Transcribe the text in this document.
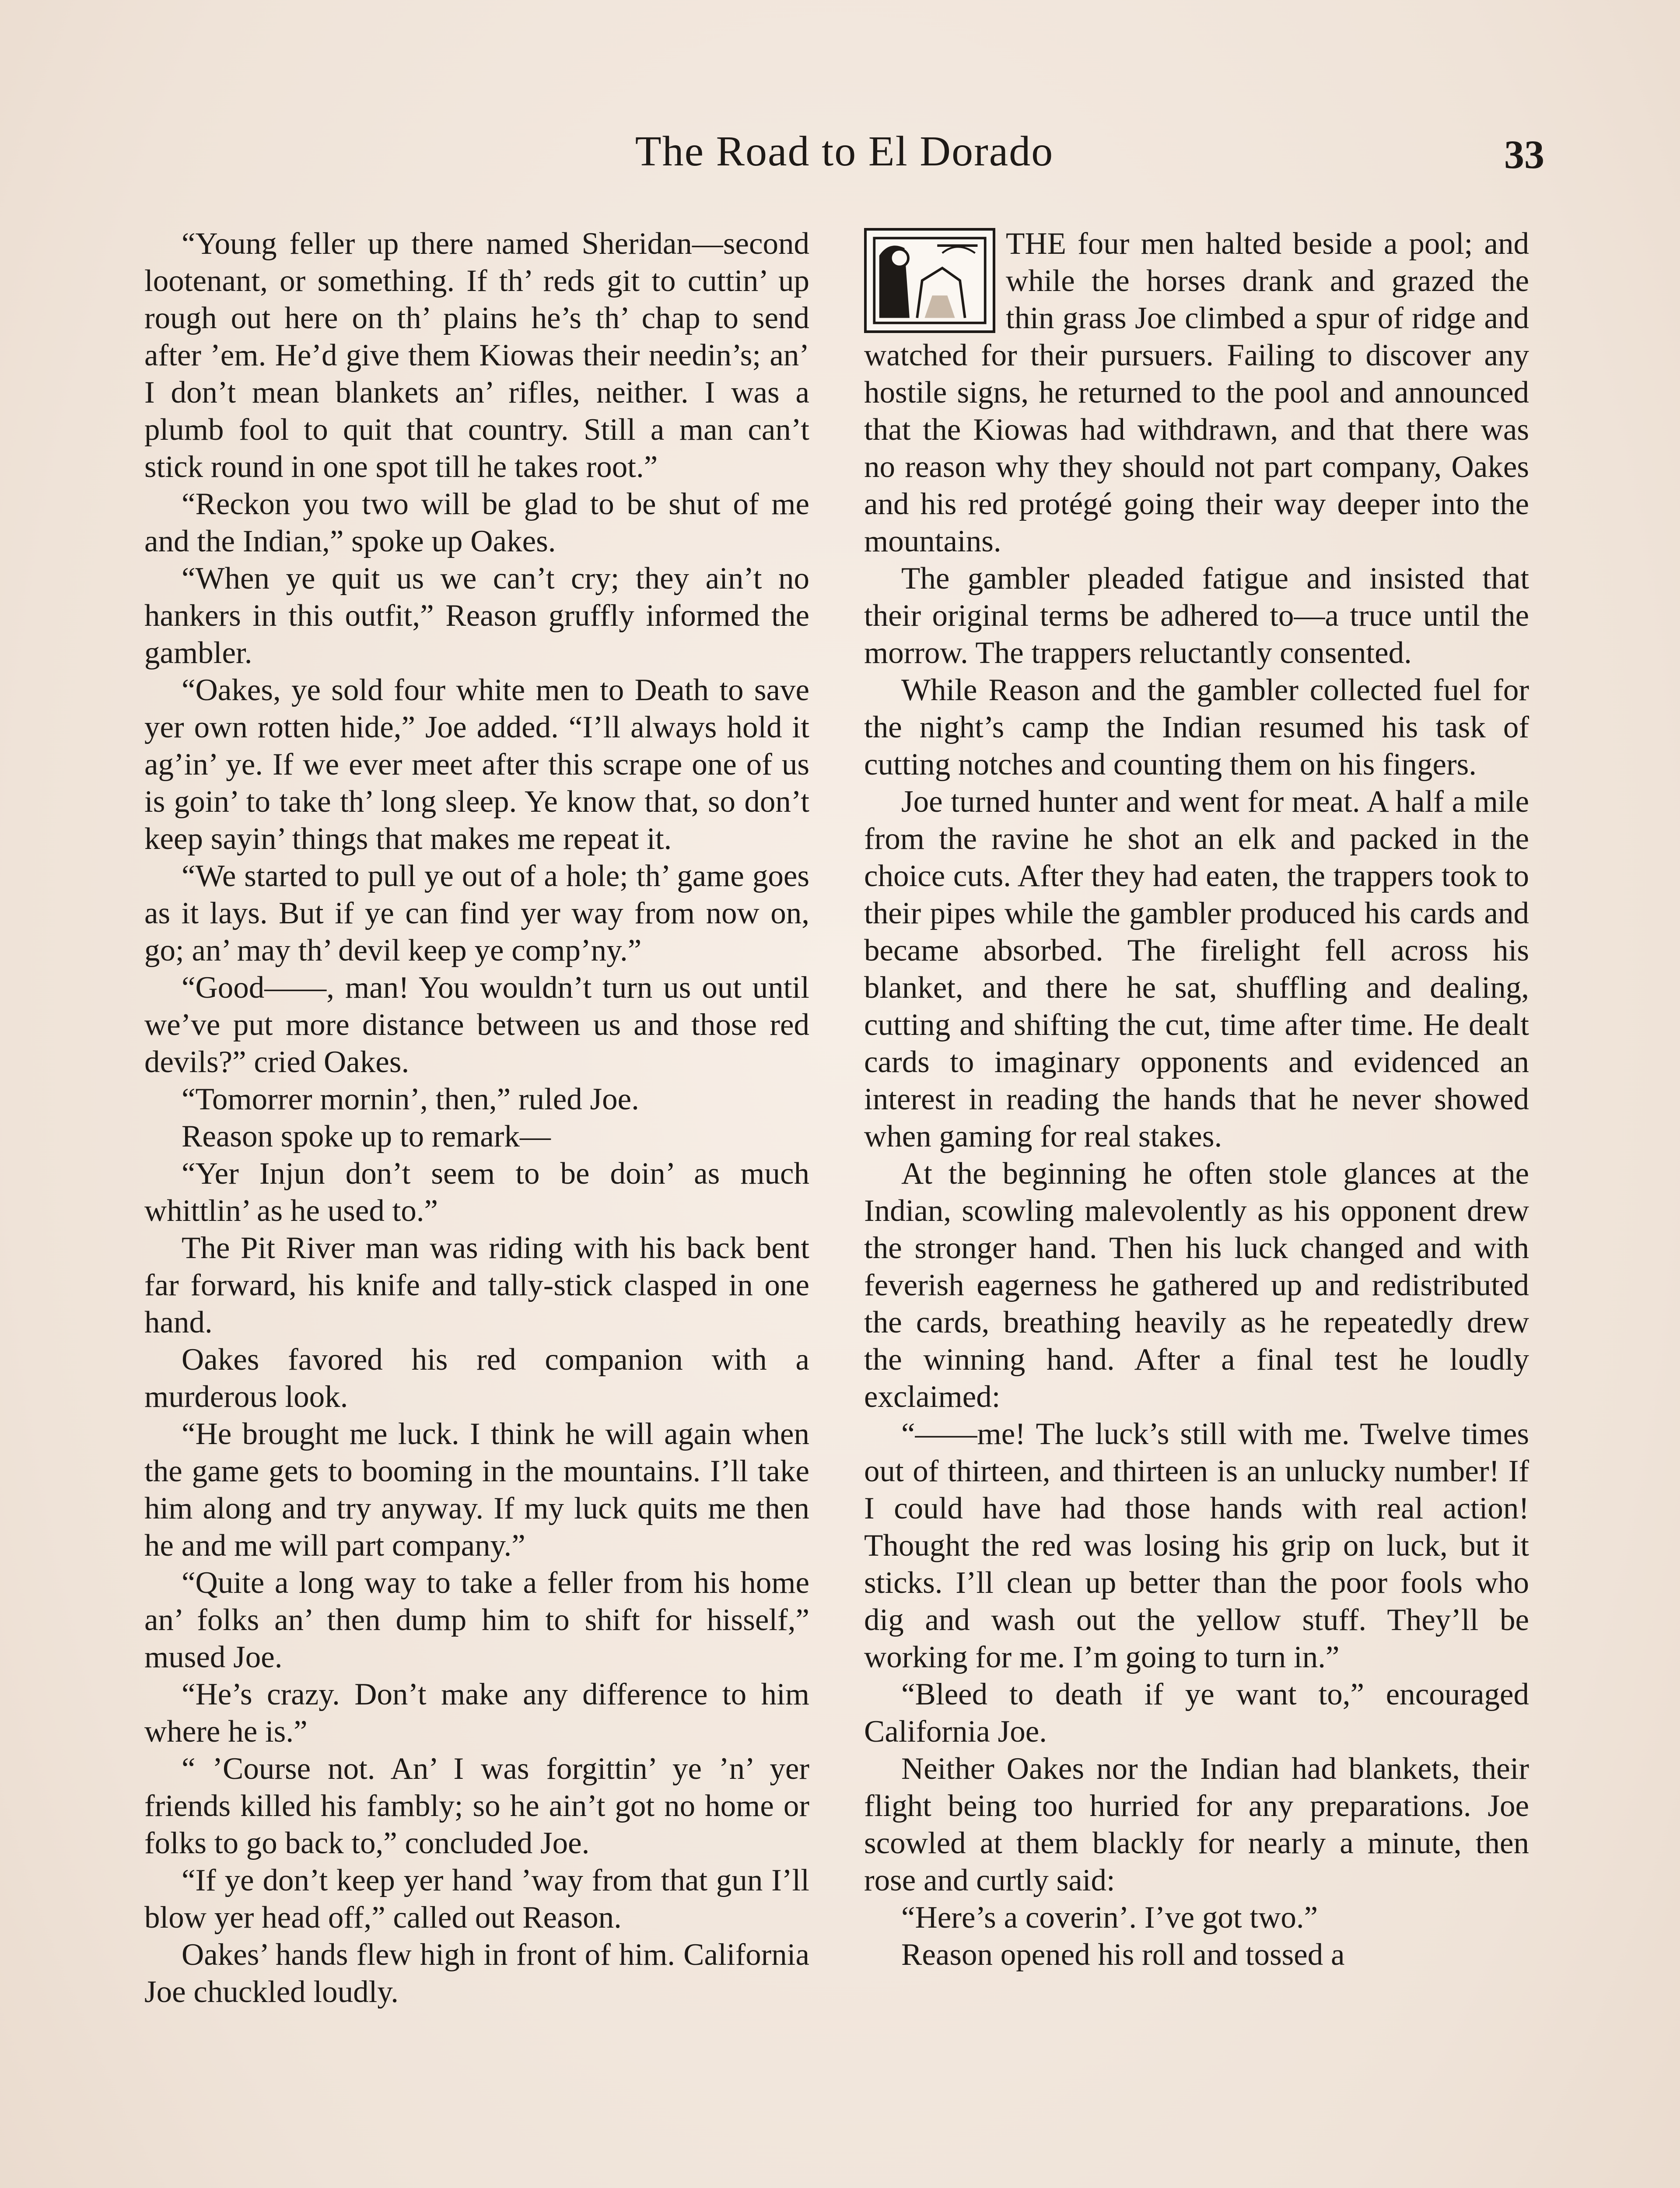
The Road to El Dorado	33

“Young feller up there named Sheridan—second lootenant, or something. If th’ reds git to cuttin’ up rough out here on th’ plains he’s th’ chap to send after ’em. He’d give them Kiowas their needin’s; an’ I don’t mean blankets an’ rifles, neither. I was a plumb fool to quit that country. Still a man can’t stick round in one spot till he takes root.”

“Reckon you two will be glad to be shut of me and the Indian,” spoke up Oakes.

“When ye quit us we can’t cry; they ain’t no hankers in this outfit,” Reason gruffly informed the gambler.

“Oakes, ye sold four white men to Death to save yer own rotten hide,” Joe added. “I’ll always hold it ag’in’ ye. If we ever meet after this scrape one of us is goin’ to take th’ long sleep. Ye know that, so don’t keep sayin’ things that makes me repeat it.

“We started to pull ye out of a hole; th’ game goes as it lays. But if ye can find yer way from now on, go; an’ may th’ devil keep ye comp’ny.”

“Good——, man! You wouldn’t turn us out until we’ve put more distance between us and those red devils?” cried Oakes.

“Tomorrer mornin’, then,” ruled Joe.

Reason spoke up to remark—

“Yer Injun don’t seem to be doin’ as much whittlin’ as he used to.”

The Pit River man was riding with his back bent far forward, his knife and tally-stick clasped in one hand.

Oakes favored his red companion with a murderous look.

“He brought me luck. I think he will again when the game gets to booming in the mountains. I’ll take him along and try anyway. If my luck quits me then he and me will part company.”

“Quite a long way to take a feller from his home an’ folks an’ then dump him to shift for hisself,” mused Joe.

“He’s crazy. Don’t make any difference to him where he is.”

“ ’Course not. An’ I was forgittin’ ye ’n’ yer friends killed his fambly; so he ain’t got no home or folks to go back to,” concluded Joe.

“If ye don’t keep yer hand ’way from that gun I’ll blow yer head off,” called out Reason.

Oakes’ hands flew high in front of him. California Joe chuckled loudly.

THE four men halted beside a pool; and while the horses drank and grazed the thin grass Joe climbed a spur of ridge and watched for their pursuers. Failing to discover any hostile signs, he returned to the pool and announced that the Kiowas had withdrawn, and that there was no reason why they should not part company, Oakes and his red protégé going their way deeper into the mountains.

The gambler pleaded fatigue and insisted that their original terms be adhered to—a truce until the morrow. The trappers reluctantly consented.

While Reason and the gambler collected fuel for the night’s camp the Indian resumed his task of cutting notches and counting them on his fingers.

Joe turned hunter and went for meat. A half a mile from the ravine he shot an elk and packed in the choice cuts. After they had eaten, the trappers took to their pipes while the gambler produced his cards and became absorbed. The firelight fell across his blanket, and there he sat, shuffling and dealing, cutting and shifting the cut, time after time. He dealt cards to imaginary opponents and evidenced an interest in reading the hands that he never showed when gaming for real stakes.

At the beginning he often stole glances at the Indian, scowling malevolently as his opponent drew the stronger hand. Then his luck changed and with feverish eagerness he gathered up and redistributed the cards, breathing heavily as he repeatedly drew the winning hand. After a final test he loudly exclaimed:

“——me! The luck’s still with me. Twelve times out of thirteen, and thirteen is an unlucky number! If I could have had those hands with real action! Thought the red was losing his grip on luck, but it sticks. I’ll clean up better than the poor fools who dig and wash out the yellow stuff. They’ll be working for me. I’m going to turn in.”

“Bleed to death if ye want to,” encouraged California Joe.

Neither Oakes nor the Indian had blankets, their flight being too hurried for any preparations. Joe scowled at them blackly for nearly a minute, then rose and curtly said:

“Here’s a coverin’. I’ve got two.”

Reason opened his roll and tossed a
